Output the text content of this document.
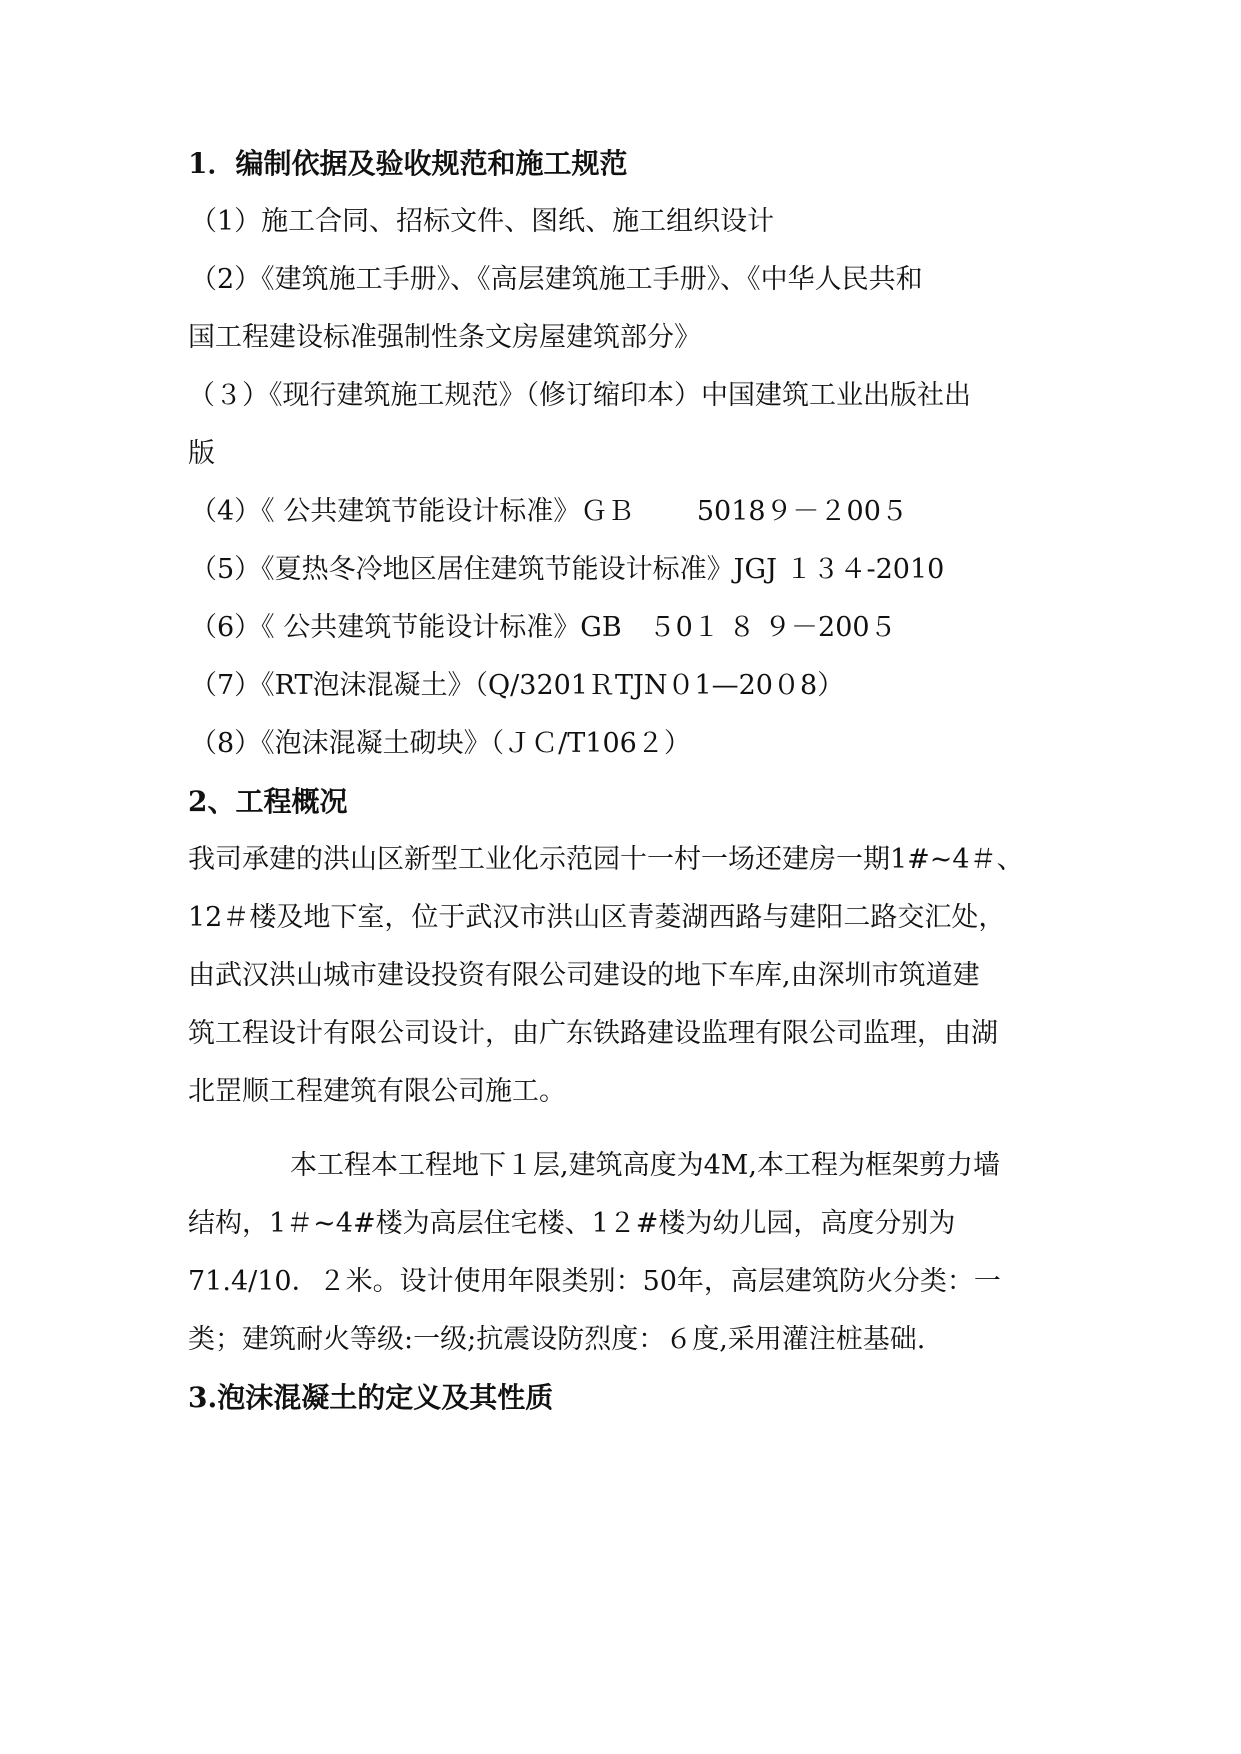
1．编制依据及验收规范和施工规范
（1）施工合同、招标文件、图纸、施工组织设计
（2）《建筑施工手册》、《高层建筑施工手册》、《中华人民共和
国工程建设标准强制性条文房屋建筑部分》
（３）《现行建筑施工规范》（修订缩印本）中国建筑工业出版社出
版
（4）《 公共建筑节能设计标准》ＧＢ　　 5018９－２00５
（5）《夏热冬冷地区居住建筑节能设计标准》JGJ １３４-2010
（6）《 公共建筑节能设计标准》GB　５0１ ８ ９－200５
（7）《RT泡沫混凝土》（Q/3201ＲTJN０1—20０8）
（8）《泡沫混凝土砌块》（ＪＣ/T106２）
2、工程概况
我司承建的洪山区新型工业化示范园十一村一场还建房一期1#~4＃、
12＃楼及地下室，位于武汉市洪山区青菱湖西路与建阳二路交汇处，
由武汉洪山城市建设投资有限公司建设的地下车库,由深圳市筑道建
筑工程设计有限公司设计，由广东铁路建设监理有限公司监理，由湖
北罡顺工程建筑有限公司施工。
本工程本工程地下１层,建筑高度为4M,本工程为框架剪力墙
结构，1＃~4#楼为高层住宅楼、1２#楼为幼儿园，高度分别为
71.4/10．２米。设计使用年限类别：50年，高层建筑防火分类：一
类；建筑耐火等级:一级;抗震设防烈度：６度,采用灌注桩基础.
3.泡沫混凝土的定义及其性质
